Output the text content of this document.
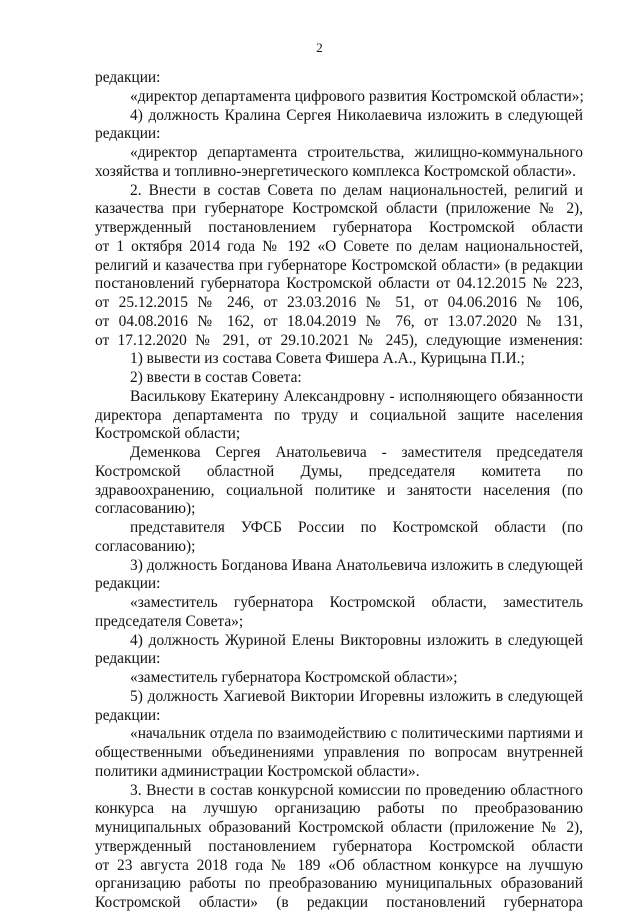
2
редакции:
«директор департамента цифрового развития Костромской области»;
4) должность Кралина Сергея Николаевича изложить в следующей
редакции:
«директор департамента строительства, жилищно-коммунального
хозяйства и топливно-энергетического комплекса Костромской области».
2. Внести в состав Совета по делам национальностей, религий и
казачества при губернаторе Костромской области (приложение № 2),
утвержденный постановлением губернатора Костромской области
от 1 октября 2014 года № 192 «О Совете по делам национальностей,
религий и казачества при губернаторе Костромской области» (в редакции
постановлений губернатора Костромской области от 04.12.2015 № 223,
от 25.12.2015 № 246, от 23.03.2016 № 51, от 04.06.2016 № 106,
от 04.08.2016 № 162, от 18.04.2019 № 76, от 13.07.2020 № 131,
от 17.12.2020 № 291, от 29.10.2021 № 245), следующие изменения:
1) вывести из состава Совета Фишера А.А., Курицына П.И.;
2) ввести в состав Совета:
Василькову Екатерину Александровну - исполняющего обязанности
директора департамента по труду и социальной защите населения
Костромской области;
Деменкова Сергея Анатольевича - заместителя председателя
Костромской областной Думы, председателя комитета по
здравоохранению, социальной политике и занятости населения (по
согласованию);
представителя УФСБ России по Костромской области (по
согласованию);
3) должность Богданова Ивана Анатольевича изложить в следующей
редакции:
«заместитель губернатора Костромской области, заместитель
председателя Совета»;
4) должность Журиной Елены Викторовны изложить в следующей
редакции:
«заместитель губернатора Костромской области»;
5) должность Хагиевой Виктории Игоревны изложить в следующей
редакции:
«начальник отдела по взаимодействию с политическими партиями и
общественными объединениями управления по вопросам внутренней
политики администрации Костромской области».
3. Внести в состав конкурсной комиссии по проведению областного
конкурса на лучшую организацию работы по преобразованию
муниципальных образований Костромской области (приложение № 2),
утвержденный постановлением губернатора Костромской области
от 23 августа 2018 года № 189 «Об областном конкурсе на лучшую
организацию работы по преобразованию муниципальных образований
Костромской области» (в редакции постановлений губернатора
